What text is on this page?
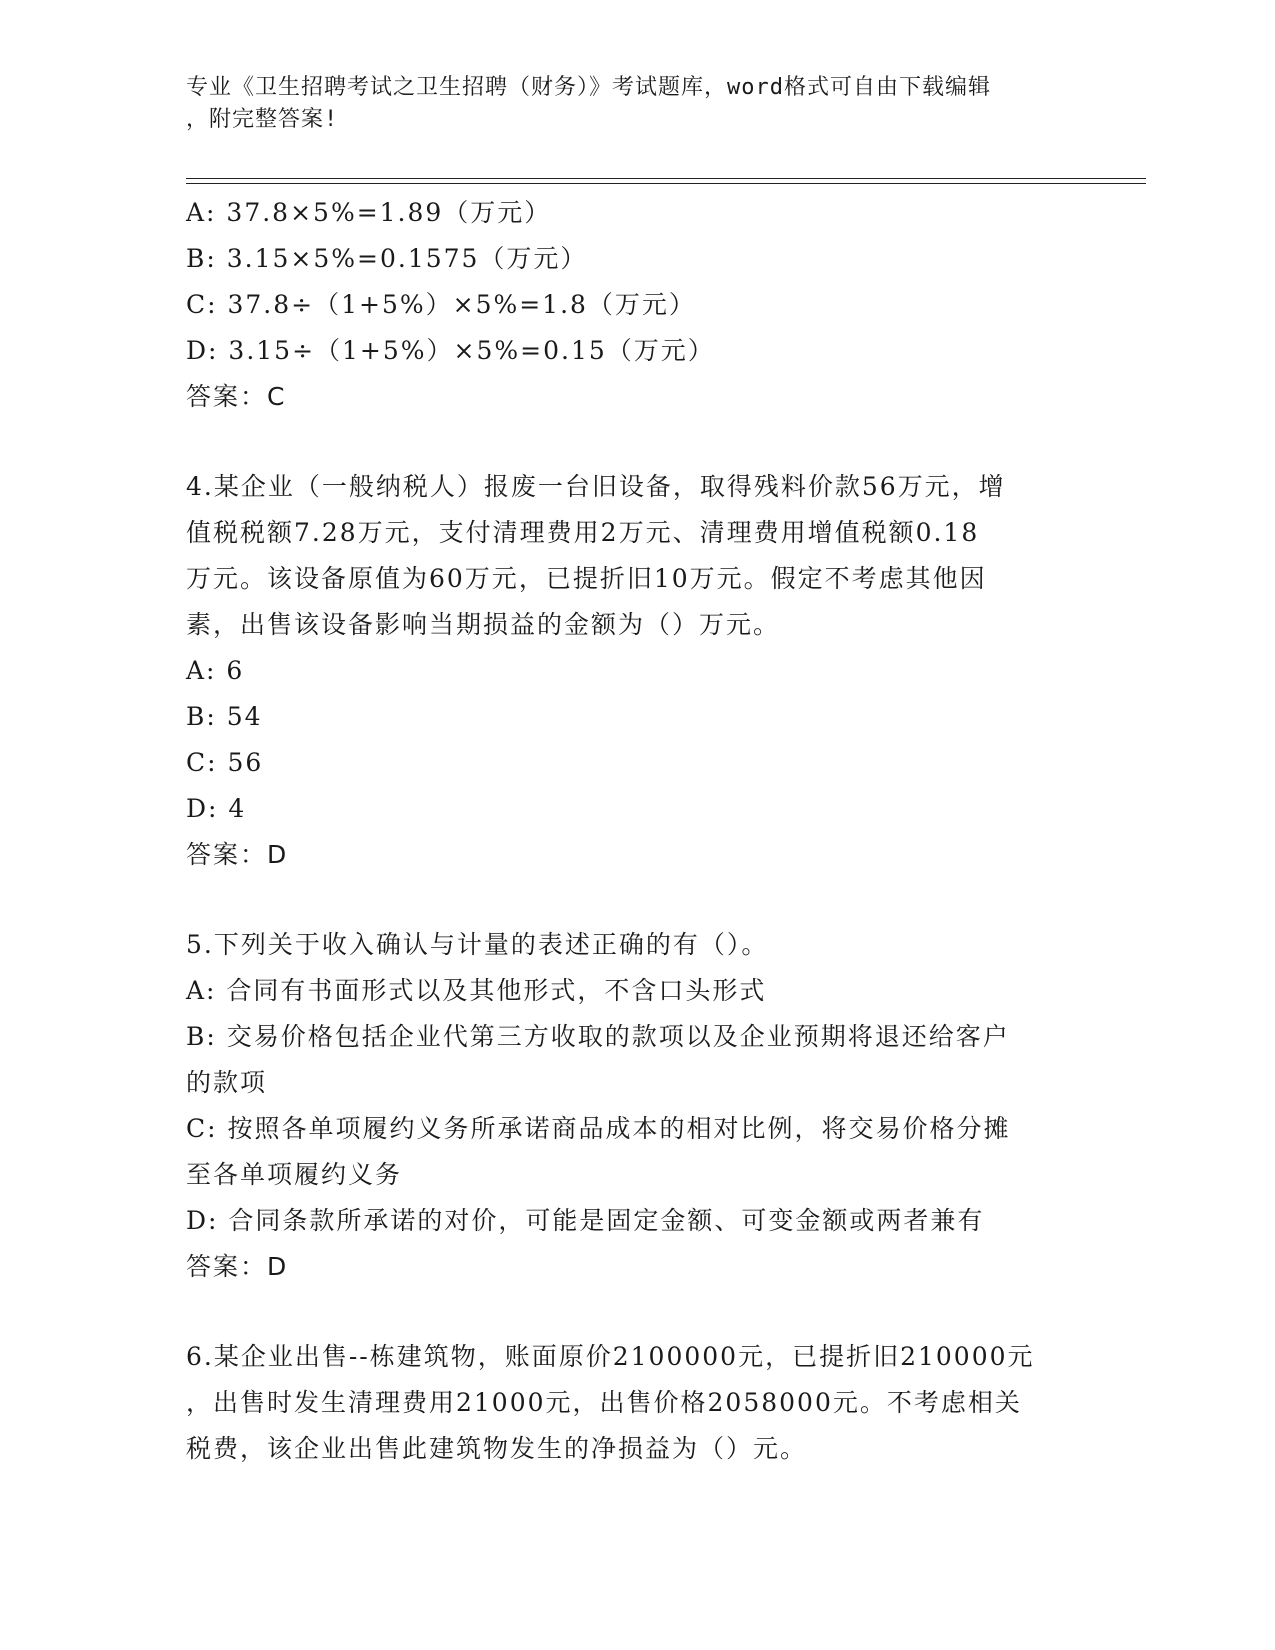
专业《卫生招聘考试之卫生招聘（财务）》考试题库，word格式可自由下载编辑
，附完整答案!
A: 37.8×5%=1.89（万元）
B: 3.15×5%=0.1575（万元）
C: 37.8÷（1+5%）×5%=1.8（万元）
D: 3.15÷（1+5%）×5%=0.15（万元）
答案：C
4.某企业（一般纳税人）报废一台旧设备，取得残料价款56万元，增
值税税额7.28万元，支付清理费用2万元、清理费用增值税额0.18
万元。该设备原值为60万元，已提折旧10万元。假定不考虑其他因
素，出售该设备影响当期损益的金额为（）万元。
A: 6
B: 54
C: 56
D: 4
答案：D
5.下列关于收入确认与计量的表述正确的有（）。
A: 合同有书面形式以及其他形式，不含口头形式
B: 交易价格包括企业代第三方收取的款项以及企业预期将退还给客户
的款项
C: 按照各单项履约义务所承诺商品成本的相对比例，将交易价格分摊
至各单项履约义务
D: 合同条款所承诺的对价，可能是固定金额、可变金额或两者兼有
答案：D
6.某企业出售--栋建筑物，账面原价2100000元，已提折旧210000元
，出售时发生清理费用21000元，出售价格2058000元。不考虑相关
税费，该企业出售此建筑物发生的净损益为（）元。
